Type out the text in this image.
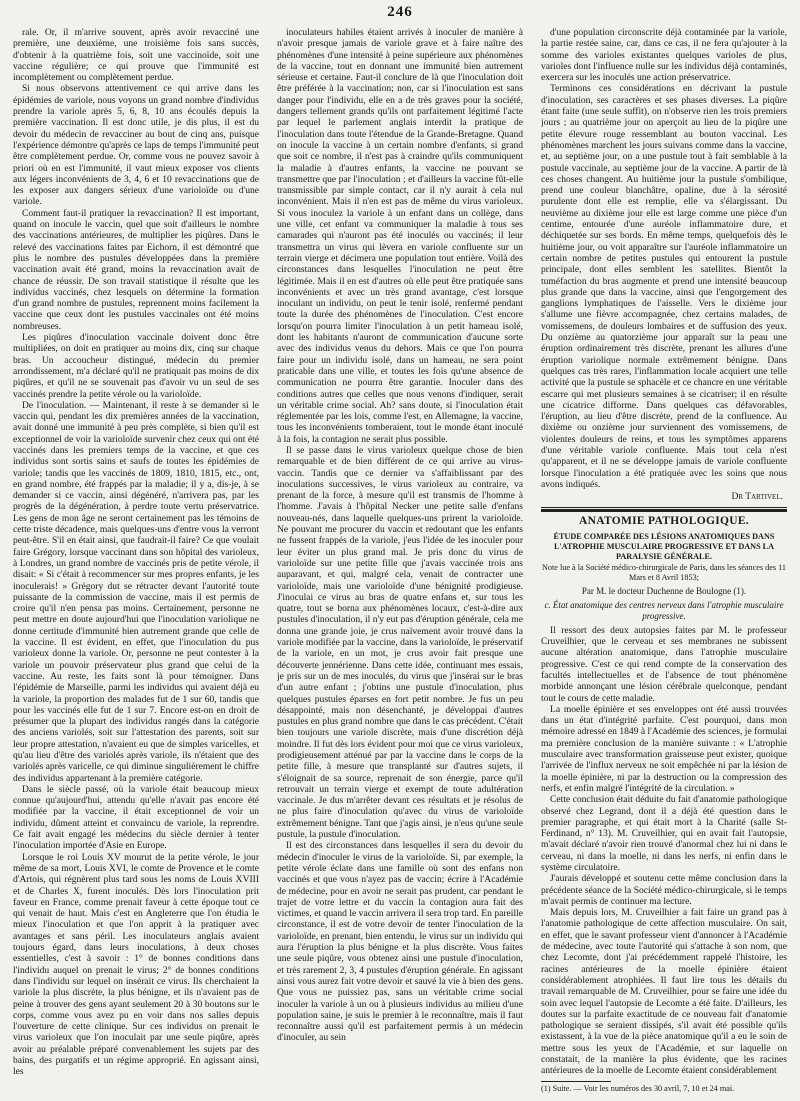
246

rale. Or, il m'arrive souvent, après avoir revacciné une première, une deuxième, une troisième fois sans succès, d'obtenir à la quatrième fois, soit une vaccinoïde, soit une vaccine régulière; ce qui prouve que l'immunité est incomplètement ou complètement perdue.

Si nous observons attentivement ce qui arrive dans les épidémies de variole, nous voyons un grand nombre d'individus prendre la variole après 5, 6, 8, 10 ans écoulés depuis la première vaccination. Il est donc utile, je dis plus, il est du devoir du médecin de revacciner au bout de cinq ans, puisque l'expérience démontre qu'après ce laps de temps l'immunité peut être complètement perdue. Or, comme vous ne pouvez savoir à priori où en est l'immunité, il vaut mieux exposer vos clients aux légers inconvénients de 3, 4, 6 et 10 revaccinations que de les exposer aux dangers sérieux d'une varioloïde ou d'une variole.

Comment faut-il pratiquer la revaccination? Il est important, quand on inocule le vaccin, quel que soit d'ailleurs le nombre des vaccinations antérieures, de multiplier les piqûres. Dans le relevé des vaccinations faites par Eichorn, il est démontré que plus le nombre des pustules développées dans la première vaccination avait été grand, moins la revaccination avait de chance de réussir. De son travail statistique il résulte que les individus vaccinés, chez lesquels on détermine la formation d'un grand nombre de pustules, reprennent moins facilement la vaccine que ceux dont les pustules vaccinales ont été moins nombreuses.

Les piqûres d'inoculation vaccinale doivent donc être multipliées, on doit en pratiquer au moins dix, cinq sur chaque bras. Un accoucheur distingué, médecin du premier arrondissement, m'a déclaré qu'il ne pratiquait pas moins de dix piqûres, et qu'il ne se souvenait pas d'avoir vu un seul de ses vaccinés prendre la petite vérole ou la varioloïde.

De l'inoculation. — Maintenant, il reste à se demander si le vaccin qui, pendant les dix premières années de la vaccination, avait donné une immunité à peu près complète, si bien qu'il est exceptionnel de voir la varioloïde survenir chez ceux qui ont été vaccinés dans les premiers temps de la vaccine, et que ces individus sont sortis sains et saufs de toutes les épidémies de variole; tandis que les vaccinés de 1809, 1810, 1815, etc., ont, en grand nombre, été frappés par la maladie; il y a, dis-je, à se demander si ce vaccin, ainsi dégénéré, n'arrivera pas, par les progrès de la dégénération, à perdre toute vertu préservatrice. Les gens de mon âge ne seront certainement pas les témoins de cette triste décadence, mais quelques-uns d'entre vous la verront peut-être. S'il en était ainsi, que faudrait-il faire? Ce que voulait faire Grégory, lorsque vaccinant dans son hôpital des varioleux, à Londres, un grand nombre de vaccinés pris de petite vérole, il disait: « Si c'était à recommencer sur mes propres enfants, je les inoculerais! » Grégory dut se rétracter devant l'autorité toute puissante de la commission de vaccine, mais il est permis de croire qu'il n'en pensa pas moins. Certainement, personne ne peut mettre en doute aujourd'hui que l'inoculation variolique ne donne certitude d'immunité bien autrement grande que celle de la vaccine. Il est évident, en effet, que l'inoculation du pus varioleux donne la variole. Or, personne ne peut contester à la variole un pouvoir préservateur plus grand que celui de la vaccine. Au reste, les faits sont là pour témoigner. Dans l'épidémie de Marseille, parmi les individus qui avaient déjà eu la variole, la proportion des malades fut de 1 sur 60, tandis que pour les vaccinés elle fut de 1 sur 7. Encore est-on en droit de présumer que la plupart des individus rangés dans la catégorie des anciens variolés, soit sur l'attestation des parents, soit sur leur propre attestation, n'avaient eu que de simples varicelles, et qu'au lieu d'être des variolés après variole, ils n'étaient que des variolés après varicelle, ce qui diminue singulièrement le chiffre des individus appartenant à la première catégorie.

Dans le siècle passé, où la variole était beaucoup mieux connue qu'aujourd'hui, attendu qu'elle n'avait pas encore été modifiée par la vaccine, il était exceptionnel de voir un individu, dûment atteint et convaincu de variole, la reprendre. Ce fait avait engagé les médecins du siècle dernier à tenter l'inoculation importée d'Asie en Europe.

Lorsque le roi Louis XV mourut de la petite vérole, le jour même de sa mort, Louis XVI, le comte de Provence et le comte d'Artois, qui régnèrent plus tard sous les noms de Louis XVIII et de Charles X, furent inoculés. Dès lors l'inoculation prit faveur en France, comme prenait faveur à cette époque tout ce qui venait de haut. Mais c'est en Angleterre que l'on étudia le mieux l'inoculation et que l'on apprit à la pratiquer avec avantages et sans péril. Les inoculateurs anglais avaient toujours égard, dans leurs inoculations, à deux choses essentielles, c'est à savoir : 1° de bonnes conditions dans l'individu auquel on prenait le virus; 2° de bonnes conditions dans l'individu sur lequel on insérait ce virus. Ils cherchaient la variole la plus discrète, la plus bénigne, et ils n'avaient pas de peine à trouver des gens ayant seulement 20 à 30 boutons sur le corps, comme vous avez pu en voir dans nos salles depuis l'ouverture de cette clinique. Sur ces individus on prenait le virus varioleux que l'on inoculait par une seule piqûre, après avoir au préalable préparé convenablement les sujets par des bains, des purgatifs et un régime approprié. En agissant ainsi, les

inoculateurs habiles étaient arrivés à inoculer de manière à n'avoir presque jamais de variole grave et à faire naître des phénomènes d'une intensité à peine supérieure aux phénomènes de la vaccine, tout en donnant une immunité bien autrement sérieuse et certaine. Faut-il conclure de là que l'inoculation doit être préférée à la vaccination; non, car si l'inoculation est sans danger pour l'individu, elle en a de très graves pour la société, dangers tellement grands qu'ils ont parfaitement légitimé l'acte par lequel le parlement anglais interdit la pratique de l'inoculation dans toute l'étendue de la Grande-Bretagne. Quand on inocule la vaccine à un certain nombre d'enfants, si grand que soit ce nombre, il n'est pas à craindre qu'ils communiquent la maladie à d'autres enfants, la vaccine ne pouvant se transmettre que par l'inoculation ; et d'ailleurs la vaccine fût-elle transmissible par simple contact, car il n'y aurait à cela nul inconvénient. Mais il n'en est pas de même du virus varioleux. Si vous inoculez la variole à un enfant dans un collège, dans une ville, cet enfant va communiquer la maladie à tous ses camarades qui n'auront pas été inoculés ou vaccinés; il leur transmettra un virus qui lèvera en variole confluente sur un terrain vierge et décimera une population tout entière. Voilà des circonstances dans lesquelles l'inoculation ne peut être légitimée. Mais il en est d'autres où elle peut être pratiquée sans inconvénients et avec un très grand avantage, c'est lorsque inoculant un individu, on peut le tenir isolé, renfermé pendant toute la durée des phénomènes de l'inoculation. C'est encore lorsqu'on pourra limiter l'inoculation à un petit hameau isolé, dont les habitants n'auront de communication d'aucune sorte avec des individus venus du dehors. Mais ce que l'on pourra faire pour un individu isolé, dans un hameau, ne sera point praticable dans une ville, et toutes les fois qu'une absence de communication ne pourra être garantie. Inoculer dans des conditions autres que celles que nous venons d'indiquer, serait un véritable crime social. Ah? sans doute, si l'inoculation était réglementée par les lois, comme l'est, en Allemagne, la vaccine, tous les inconvénients tomberaient, tout le monde étant inoculé à la fois, la contagion ne serait plus possible.

Il se passe dans le virus varioleux quelque chose de bien remarquable et de bien différent de ce qui arrive au virus-vaccin. Tandis que ce dernier va s'affaiblissant par des inoculations successives, le virus varioleux au contraire, va prenant de la force, à mesure qu'il est transmis de l'homme à l'homme. J'avais à l'hôpital Necker une petite salle d'enfans nouveau-nés, dans laquelle quelques-uns prirent la varioloïde. Ne pouvant me procurer du vaccin et redoutant que les enfants ne fussent frappés de la variole, j'eus l'idée de les inoculer pour leur éviter un plus grand mal. Je pris donc du virus de varioloïde sur une petite fille que j'avais vaccinée trois ans auparavant, et qui, malgré cela, venait de contracter une varioloïde, mais une varioloïde d'une bénignité prodigieuse. J'inoculai ce virus au bras de quatre enfans et, sur tous les quatre, tout se borna aux phénomènes locaux, c'est-à-dire aux pustules d'inoculation, il n'y eut pas d'éruption générale, cela me donna une grande joie, je crus naïvement avoir trouvé dans la variole modifiée par la vaccine, dans la varioloïde, le préservatif de la variole, en un mot, je crus avoir fait presque une découverte jennérienne. Dans cette idée, continuant mes essais, je pris sur un de mes inoculés, du virus que j'insérai sur le bras d'un autre enfant ; j'obtins une pustule d'inoculation, plus quelques pustules éparses en fort petit nombre. Je fus un peu désappointé, mais non désenchanté, je développai d'autres pustules en plus grand nombre que dans le cas précédent. C'était bien toujours une variole discrète, mais d'une discrétion déjà moindre. Il fut dès lors évident pour moi que ce virus varioleux, prodigieusement atténué par par la vaccine dans le corps de la petite fille, à mesure que transplanté sur d'autres sujets, il s'éloignait de sa source, reprenait de son énergie, parce qu'il retrouvait un terrain vierge et exempt de toute adultération vaccinale. Je dus m'arrêter devant ces résultats et je résolus de ne plus faire d'inoculation qu'avec du virus de varioloïde extrêmement bénigne. Tant que j'agis ainsi, je n'eus qu'une seule pustule, la pustule d'inoculation.

Il est des circonstances dans lesquelles il sera du devoir du médecin d'inoculer le virus de la varioloïde. Si, par exemple, la petite vérole éclate dans une famille où sont des enfans non vaccinés et que vous n'ayez pas de vaccin; écrire à l'Académie de médecine, pour en avoir ne serait pas prudent, car pendant le trajet de votre lettre et du vaccin la contagion aura fait des victimes, et quand le vaccin arrivera il sera trop tard. En pareille circonstance, il est de votre devoir de tenter l'inoculation de la varioloïde, en prenant, bien entendu, le virus sur un individu qui aura l'éruption la plus bénigne et la plus discrète. Vous faites une seule piqûre, vous obtenez ainsi une pustule d'inoculation, et très rarement 2, 3, 4 pustules d'éruption générale. En agissant ainsi vous aurez fait votre devoir et sauvé la vie à bien des gens. Que vous ne puissiez pas, sans un véritable crime social inoculer la variole à un ou à plusieurs individus au milieu d'une population saine, je suis le premier à le reconnaître, mais il faut reconnaître aussi qu'il est parfaitement permis à un médecin d'inoculer, au sein

d'une population circonscrite déjà contaminée par la variole, la partie restée saine, car, dans ce cas, il ne fera qu'ajouter à la somme des varioles existantes quelques varioles de plus, varioles dont l'influence nulle sur les individus déjà contaminés, exercera sur les inoculés une action préservatrice.

Terminons ces considérations en décrivant la pustule d'inoculation, ses caractères et ses phases diverses. La piqûre étant faite (une seule suffit), on n'observe rien les trois premiers jours ; au quatrième jour on aperçoit au lieu de la piqûre une petite élevure rouge ressemblant au bouton vaccinal. Les phénomènes marchent les jours suivans comme dans la vaccine, et, au septième jour, on a une pustule tout à fait semblable à la pustule vaccinale, au septième jour de la vaccine. A partir de là ces choses changent. Au huitième jour la pustule s'ombilique, prend une couleur blanchâtre, opaline, due à la sérosité purulente dont elle est remplie, elle va s'élargissant. Du neuvième au dixième jour elle est large comme une pièce d'un centime, entourée d'une auréole inflammatoire dure, et déchiquetée sur ses bords. En même temps, quelquefois dès le huitième jour, ou voit apparaître sur l'auréole inflammatoire un certain nombre de petites pustules qui entourent la pustule principale, dont elles semblent les satellites. Bientôt la tuméfaction du bras augmente et prend une intensité beaucoup plus grande que dans la vaccine, ainsi que l'engorgement des ganglions lymphatiques de l'aisselle. Vers le dixième jour s'allume une fièvre accompagnée, chez certains malades, de vomissemens, de douleurs lombaires et de suffusion des yeux. Du onzième au quatorzième jour apparaît sur la peau une éruption ordinairement très discrète, prenant les allures d'une éruption variolique normale extrêmement bénigne. Dans quelques cas très rares, l'inflammation locale acquiert une telle activité que la pustule se sphacèle et ce chancre en une véritable escarre qui met plusieurs semaines à se cicatriser; il en résulte une cicatrice difforme. Dans quelques cas défavorables, l'éruption, au lieu d'être discrète, prend de la confluence. Au dixième ou onzième jour surviennent des vomissemens, de violentes douleurs de reins, et tous les symptômes apparens d'une véritable variole confluente. Mais tout cela n'est qu'apparent, et il ne se développe jamais de variole confluente lorsque l'inoculation a été pratiquée avec les soins que nous avons indiqués.

Dr Tartivel.
ANATOMIE PATHOLOGIQUE.
ÉTUDE COMPARÉE DES LÉSIONS ANATOMIQUES DANS L'ATROPHIE MUSCULAIRE PROGRESSIVE ET DANS LA PARALYSIE GÉNÉRALE.
Note lue à la Société médico-chirurgicale de Paris, dans les séances des 11 Mars et 8 Avril 1853;
Par M. le docteur Duchenne de Boulogne (1).
c. État anatomique des centres nerveux dans l'atrophie musculaire progressive.

Il ressort des deux autopsies faites par M. le professeur Cruveilhier, que le cerveau et ses membranes ne subissent aucune altération anatomique, dans l'atrophie musculaire progressive. C'est ce qui rend compte de la conservation des facultés intellectuelles et de l'absence de tout phénomène morbide annonçant une lésion cérébrale quelconque, pendant tout le cours de cette maladie.

La moelle épinière et ses enveloppes ont été aussi trouvées dans un état d'intégrité parfaite. C'est pourquoi, dans mon mémoire adressé en 1849 à l'Académie des sciences, je formulai ma première conclusion de la manière suivante : « L'atrophie musculaire avec transformation graisseuse peut exister, quoique l'arrivée de l'influx nerveux ne soit empêchée ni par la lésion de la moelle épinière, ni par la destruction ou la compression des nerfs, et enfin malgré l'intégrité de la circulation. »

Cette conclusion était déduite du fait d'anatomie pathologique observé chez Legrand, dont il a déjà été question dans le premier paragraphe, et qui était mort à la Charité (salle St-Ferdinand, n° 13). M. Cruveilhier, qui en avait fait l'autopsie, m'avait déclaré n'avoir rien trouvé d'anormal chez lui ni dans le cerveau, ni dans la moelle, ni dans les nerfs, ni enfin dans le système circulatoire.

J'aurais développé et soutenu cette même conclusion dans la précédente séance de la Société médico-chirurgicale, si le temps m'avait permis de continuer ma lecture.

Mais depuis lors, M. Cruveilhier a fait faire un grand pas à l'anatomie pathologique de cette affection musculaire. On sait, en effet, que le savant professeur vient d'annoncer à l'Académie de médecine, avec toute l'autorité qui s'attache à son nom, que chez Lecomte, dont j'ai précédemment rappelé l'histoire, les racines antérieures de la moelle épinière étaient considérablement atrophiées. Il faut lire tous les détails du travail remarquable de M. Cruveilhier, pour se faire une idée du soin avec lequel l'autopsie de Lecomte a été faite. D'ailleurs, les doutes sur la parfaite exactitude de ce nouveau fait d'anatomie pathologique se seraient dissipés, s'il avait été possible qu'ils existassent, à la vue de la pièce anatomique qu'il a eu le soin de mettre sous les yeux de l'Académie, et sur laquelle on constatait, de la manière la plus évidente, que les racines antérieures de la moelle de Lecomte étaient considérablement

(1) Suite. — Voir les numéros des 30 avril, 7, 10 et 24 mai.
